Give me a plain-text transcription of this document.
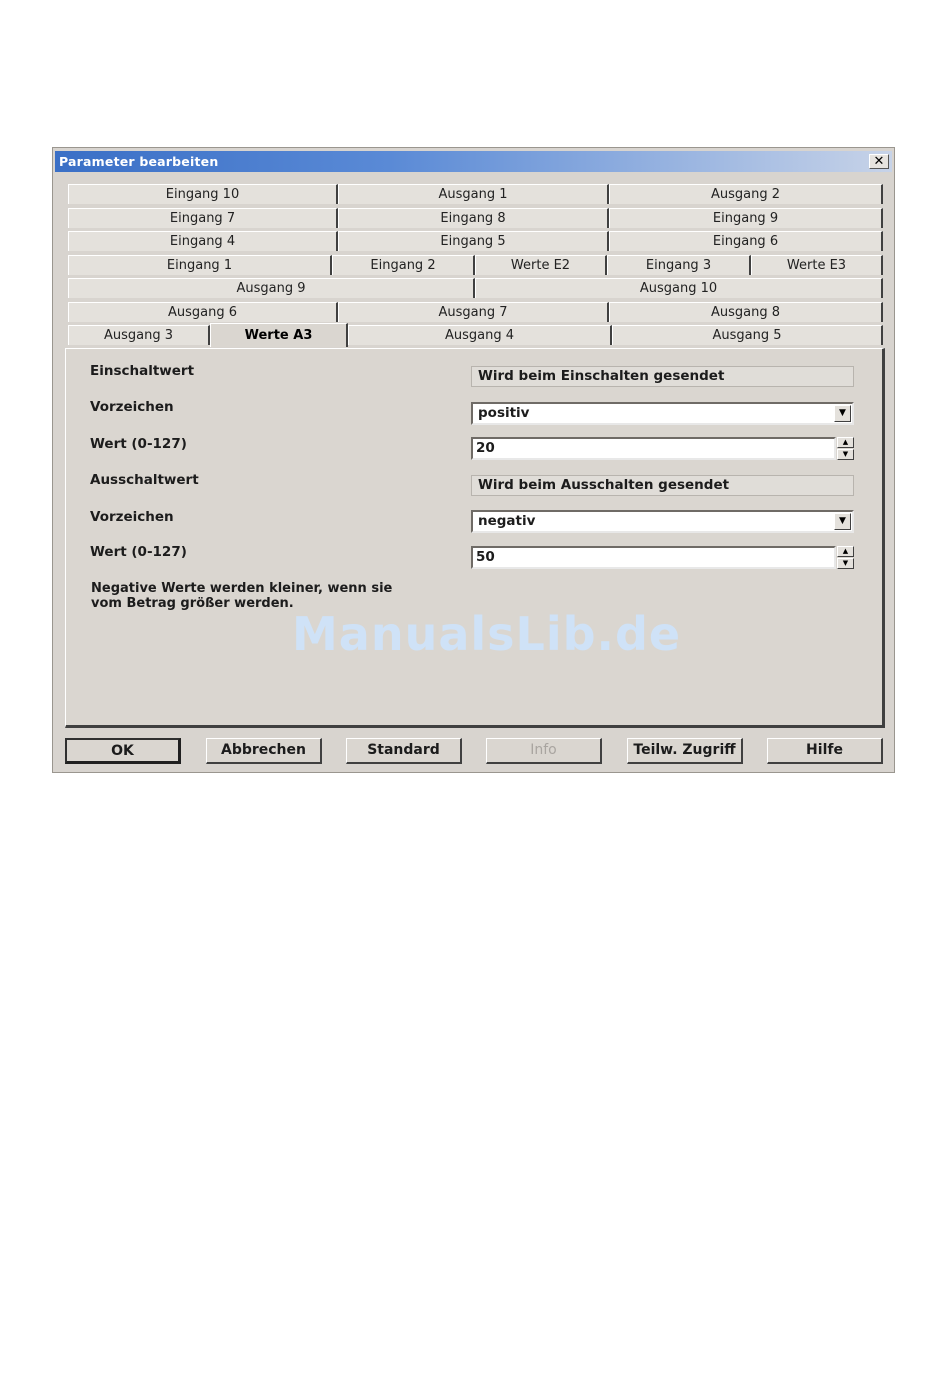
Parameter bearbeiten	✕
Eingang 10	Ausgang 1	Ausgang 2
Eingang 7	Eingang 8	Eingang 9
Eingang 4	Eingang 5	Eingang 6
Eingang 1	Eingang 2	Werte E2	Eingang 3	Werte E3
Ausgang 9	Ausgang 10
Ausgang 6	Ausgang 7	Ausgang 8
Ausgang 3	Werte A3	Ausgang 4	Ausgang 5
Einschaltwert	Wird beim Einschalten gesendet
Vorzeichen	positiv	▼
Wert (0-127)	20	▲
▼
Ausschaltwert	Wird beim Ausschalten gesendet
Vorzeichen	negativ	▼
Wert (0-127)	50	▲
▼
Negative Werte werden kleiner, wenn sie
vom Betrag größer werden.
OK	Abbrechen	Standard	Info	Teilw. Zugriff	Hilfe
ManualsLib.de
